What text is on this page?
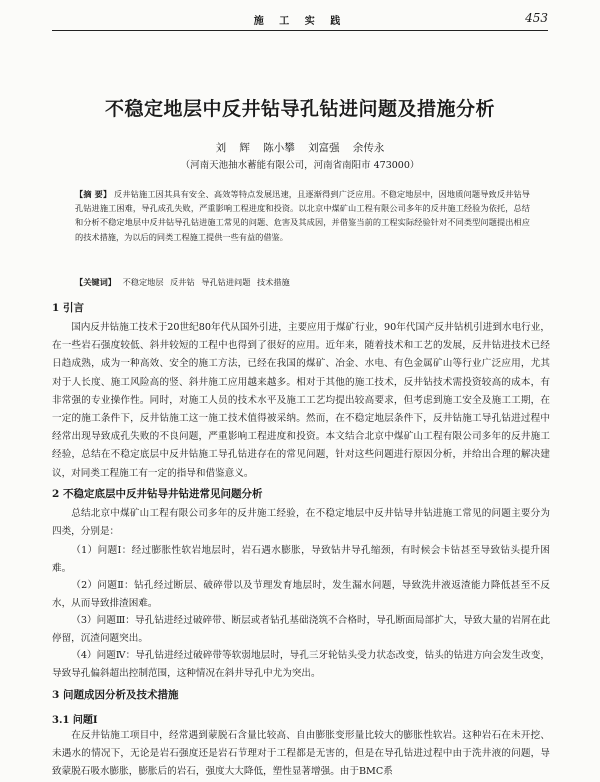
施 工 实 践	453
不稳定地层中反井钻导孔钻进问题及措施分析
刘 辉 陈小攀 刘富强 余传永
（河南天池抽水蓄能有限公司，河南省南阳市 473000）
【摘 要】 反井钻施工因其具有安全、高效等特点发展迅速，且逐渐得到广泛应用。不稳定地层中，因地质问题导致反井钻导孔钻进施工困难，导孔成孔失败，严重影响工程进度和投资。以北京中煤矿山工程有限公司多年的反井施工经验为依托，总结和分析不稳定地层中反井钻导孔钻进施工常见的问题、危害及其成因，并借鉴当前的工程实际经验针对不同类型问题提出相应的技术措施，为以后的同类工程施工提供一些有益的借鉴。
【关键词】 不稳定地层 反井钻 导孔钻进问题 技术措施
1 引言

国内反井钻施工技术于20世纪80年代从国外引进，主要应用于煤矿行业，90年代国产反井钻机引进到水电行业，在一些岩石强度较低、斜井较短的工程中也得到了很好的应用。近年来，随着技术和工艺的发展，反井钻进技术已经日趋成熟，成为一种高效、安全的施工方法，已经在我国的煤矿、冶金、水电、有色金属矿山等行业广泛应用，尤其对于人长度、施工风险高的竖、斜井施工应用越来越多。相对于其他的施工技术，反井钻技术需投资较高的成本，有非常强的专业操作性。同时，对施工人员的技术水平及施工工艺均提出较高要求，但考虑到施工安全及施工工期，在一定的施工条件下，反井钻施工这一施工技术值得被采纳。然而，在不稳定地层条件下，反井钻施工导孔钻进过程中经常出现导致成孔失败的不良问题，严重影响工程进度和投资。本文结合北京中煤矿山工程有限公司多年的反井施工经验，总结在不稳定底层中反井钻施工导孔钻进存在的常见问题，针对这些问题进行原因分析，并给出合理的解决建议，对同类工程施工有一定的指导和借鉴意义。

2 不稳定底层中反井钻导井钻进常见问题分析

总结北京中煤矿山工程有限公司多年的反井施工经验，在不稳定地层中反井钻导井钻进施工常见的问题主要分为四类，分别是：

（1）问题Ⅰ：经过膨胀性软岩地层时，岩石遇水膨胀，导致钻井导孔缩颈，有时候会卡钻甚至导致钻头提升困难。

（2）问题Ⅱ：钻孔经过断层、破碎带以及节理发育地层时，发生漏水问题，导致洗井液返渣能力降低甚至不反水，从而导致排渣困难。

（3）问题Ⅲ：导孔钻进经过破碎带、断层或者钻孔基础浇筑不合格时，导孔断面局部扩大，导致大量的岩屑在此停留，沉渣问题突出。

（4）问题Ⅳ：导孔钻进经过破碎带等软弱地层时，导孔三牙轮钻头受力状态改变，钻头的钻进方向会发生改变，导致导孔偏斜超出控制范围，这种情况在斜井导孔中尤为突出。

3 问题成因分析及技术措施
3.1 问题Ⅰ

在反井钻施工项目中，经常遇到蒙脱石含量比较高、自由膨胀变形量比较大的膨胀性软岩。这种岩石在未开挖、未遇水的情况下，无论是岩石强度还是岩石节理对于工程都是无害的，但是在导孔钻进过程中由于洗井液的问题，导致蒙脱石吸水膨胀，膨胀后的岩石，强度大大降低，塑性显著增强。由于BMC系
